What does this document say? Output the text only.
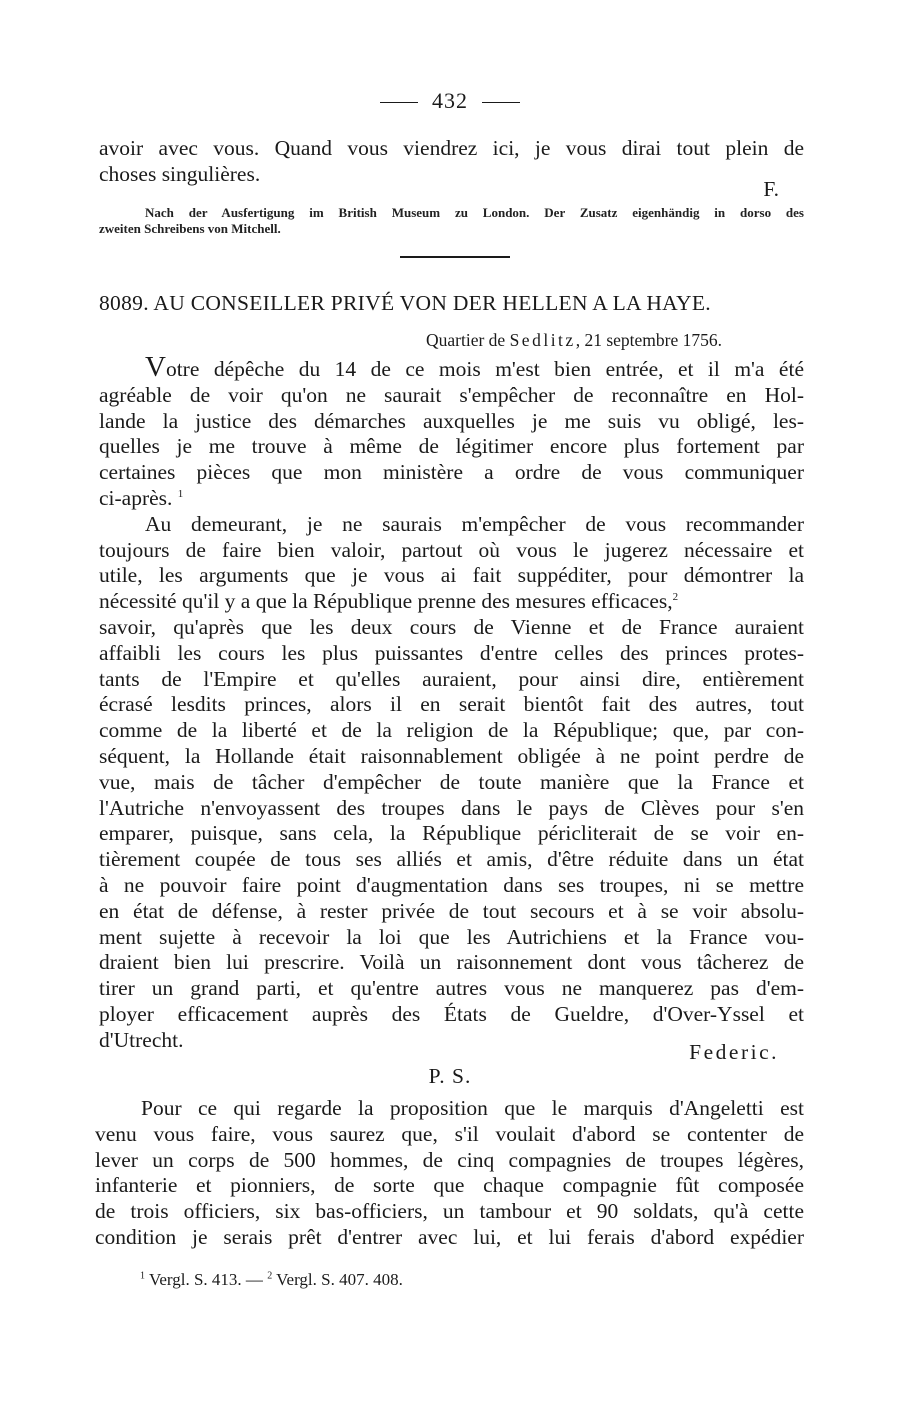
432
avoir avec vous. Quand vous viendrez ici, je vous dirai tout plein de
choses singulières.
F.
Nach der Ausfertigung im British Museum zu London. Der Zusatz eigenhändig in dorso des
zweiten Schreibens von Mitchell.
8089. AU CONSEILLER PRIVÉ VON DER HELLEN A LA HAYE.
Quartier de Sedlitz, 21 septembre 1756.
Votre dépêche du 14 de ce mois m'est bien entrée, et il m'a été
agréable de voir qu'on ne saurait s'empêcher de reconnaître en Hol-
lande la justice des démarches auxquelles je me suis vu obligé, les-
quelles je me trouve à même de légitimer encore plus fortement par
certaines pièces que mon ministère a ordre de vous communiquer
ci-après. $^1$
Au demeurant, je ne saurais m'empêcher de vous recommander
toujours de faire bien valoir, partout où vous le jugerez nécessaire et
utile, les arguments que je vous ai fait suppéditer, pour démontrer la
nécessité qu'il y a que la République prenne des mesures efficaces,$^2$
savoir, qu'après que les deux cours de Vienne et de France auraient
affaibli les cours les plus puissantes d'entre celles des princes protes-
tants de l'Empire et qu'elles auraient, pour ainsi dire, entièrement
écrasé lesdits princes, alors il en serait bientôt fait des autres, tout
comme de la liberté et de la religion de la République; que, par con-
séquent, la Hollande était raisonnablement obligée à ne point perdre de
vue, mais de tâcher d'empêcher de toute manière que la France et
l'Autriche n'envoyassent des troupes dans le pays de Clèves pour s'en
emparer, puisque, sans cela, la République péricliterait de se voir en-
tièrement coupée de tous ses alliés et amis, d'être réduite dans un état
à ne pouvoir faire point d'augmentation dans ses troupes, ni se mettre
en état de défense, à rester privée de tout secours et à se voir absolu-
ment sujette à recevoir la loi que les Autrichiens et la France vou-
draient bien lui prescrire. Voilà un raisonnement dont vous tâcherez de
tirer un grand parti, et qu'entre autres vous ne manquerez pas d'em-
ployer efficacement auprès des États de Gueldre, d'Over-Yssel et
d'Utrecht.
Federic.
P. S.
Pour ce qui regarde la proposition que le marquis d'Angeletti est
venu vous faire, vous saurez que, s'il voulait d'abord se contenter de
lever un corps de 500 hommes, de cinq compagnies de troupes légères,
infanterie et pionniers, de sorte que chaque compagnie fût composée
de trois officiers, six bas-officiers, un tambour et 90 soldats, qu'à cette
condition je serais prêt d'entrer avec lui, et lui ferais d'abord expédier
$^1$ Vergl. S. 413. — $^2$ Vergl. S. 407. 408.
